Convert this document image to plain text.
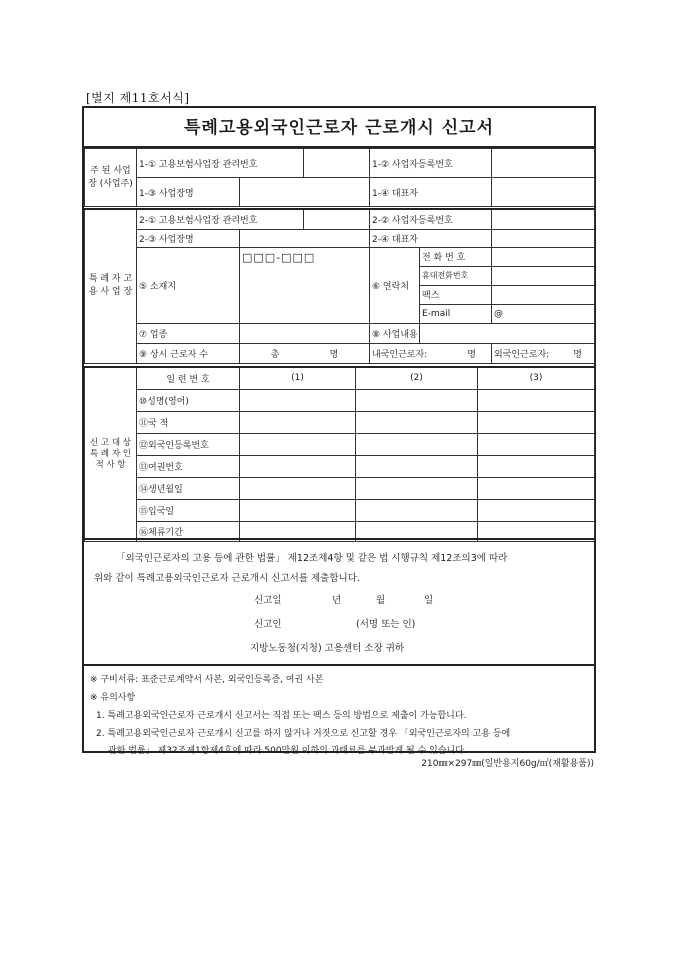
[별지 제11호서식]
특례고용외국인근로자 근로개시 신고서
주 된 사업장 (사업주)	1-① 고용보험사업장 관리번호			1-② 사업자등록번호	
	1-③ 사업장명			1-④ 대표자	
특 례 자 고 용 사 업 장	2-① 고용보험사업장 관리번호			2-② 사업자등록번호		
	2-③ 사업장명			2-④ 대표자		
	⑤ 소재지	□□□-□□□		⑥ 연락처	전 화 번 호	
					휴대전화번호	
					팩스	
					E-mail	@
	⑦ 업종			⑧ 사업내용		
	⑨ 상시 근로자 수	총 명		내국인근로자: 명		외국인근로자: 명
신 고 대 상 특 례 자 인 적 사 항	일 련 번 호	(1)	(2)	(3)
	⑩성명(영어)			
	⑪국 적			
	⑫외국인등록번호			
	⑬여권번호			
	⑭생년월일			
	⑮입국일			
	⑯체류기간			

「외국인근로자의 고용 등에 관한 법률」 제12조제4항 및 같은 법 시행규칙 제12조의3에 따라

위와 같이 특례고용외국인근로자 근로개시 신고서를 제출합니다.

신고일	년	월	일

신고인	(서명 또는 인)

지방노동청(지청) 고용센터 소장 귀하

※ 구비서류: 표준근로계약서 사본, 외국인등록증, 여권 사본
※ 유의사항
1. 특례고용외국인근로자 근로개시 신고서는 직접 또는 팩스 등의 방법으로 제출이 가능합니다.
2. 특례고용외국인근로자 근로개시 신고를 하지 않거나 거짓으로 신고할 경우 「외국인근로자의 고용 등에
관한 법률」 제32조제1항제4호에 따라 500만원 이하의 과태료를 부과받게 될 수 있습니다.
210㎜×297㎜(일반용지60g/㎡(재활용품))
